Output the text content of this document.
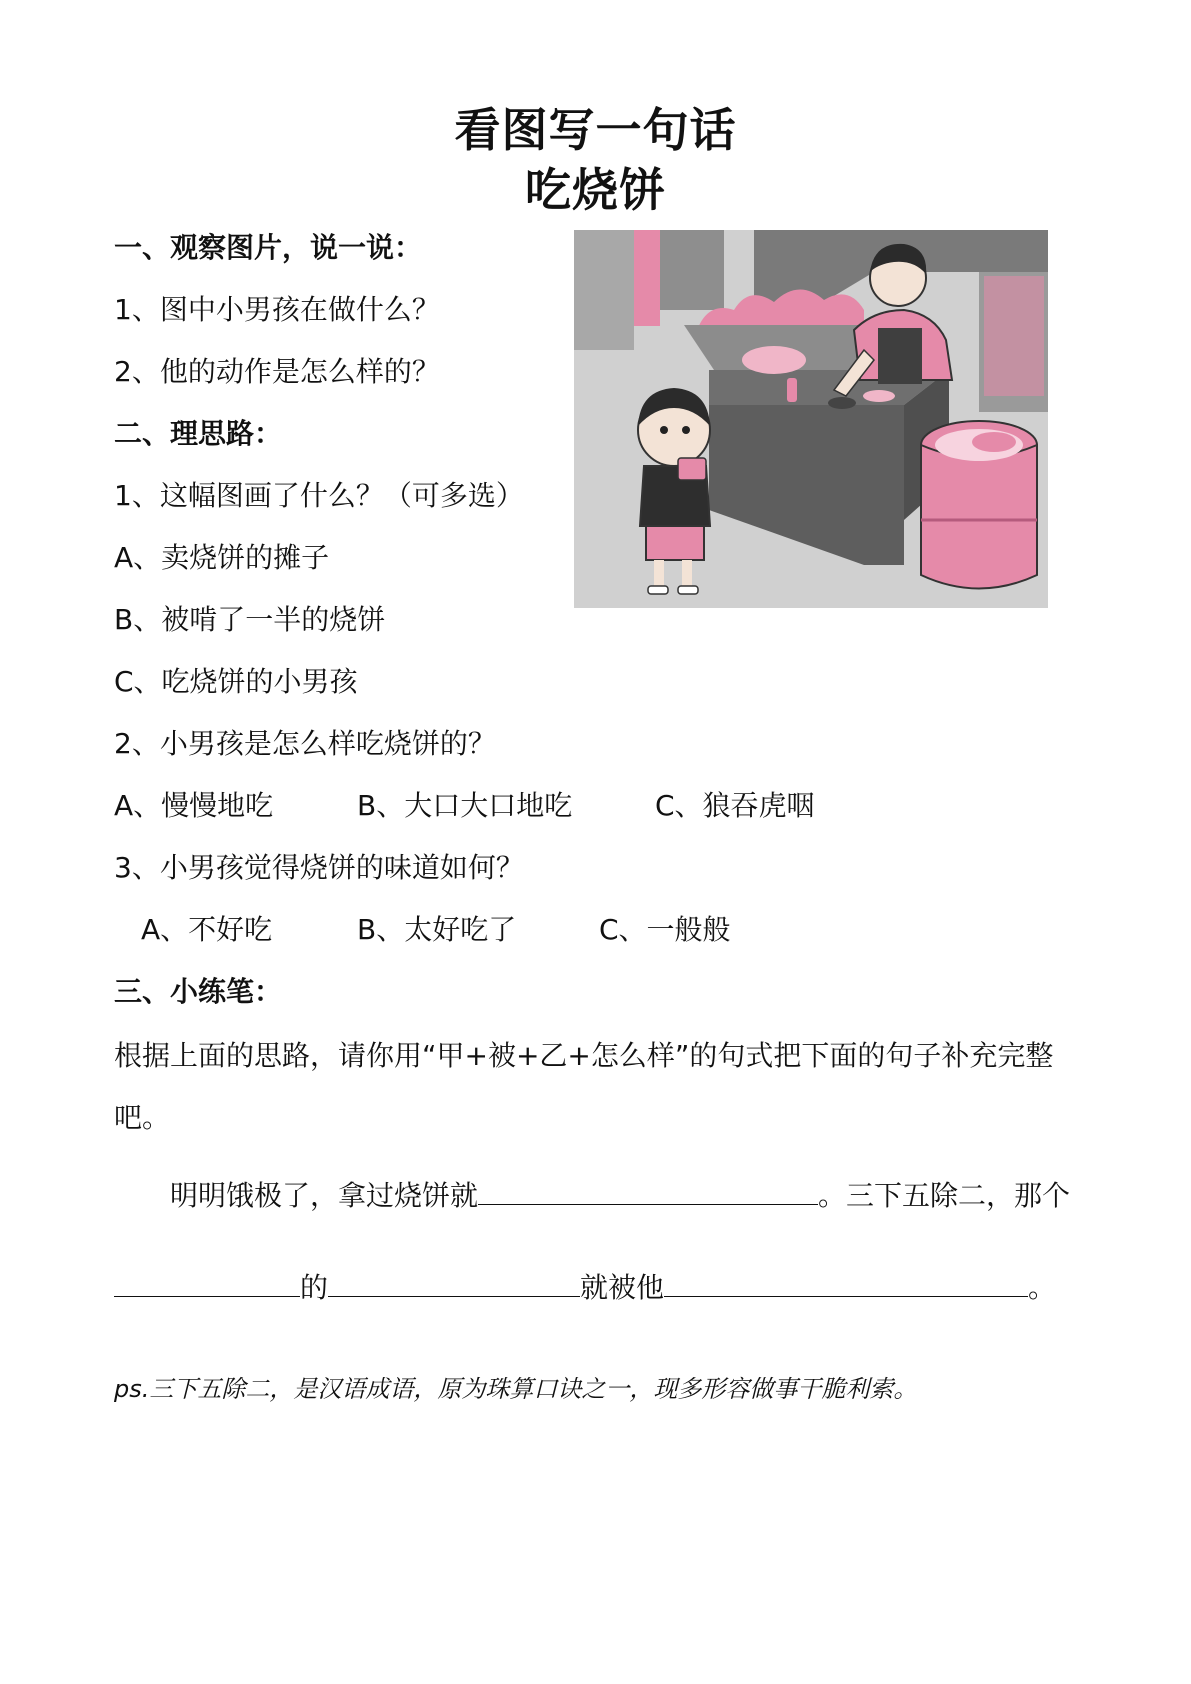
看图写一句话
吃烧饼
一、观察图片，说一说：
1、图中小男孩在做什么？
2、他的动作是怎么样的？
二、理思路：
1、这幅图画了什么？（可多选）
A、卖烧饼的摊子
B、被啃了一半的烧饼
C、吃烧饼的小男孩
2、小男孩是怎么样吃烧饼的？
A、慢慢地吃	B、大口大口地吃	C、狼吞虎咽
3、小男孩觉得烧饼的味道如何？
A、不好吃	B、太好吃了	C、一般般
三、小练笔：
根据上面的思路，请你用“甲+被+乙+怎么样”的句式把下面的句子补充完整
吧。
明明饿极了，拿过烧饼就	。三下五除二，那个
的	就被他	。
ps.三下五除二，是汉语成语，原为珠算口诀之一，现多形容做事干脆利索。
